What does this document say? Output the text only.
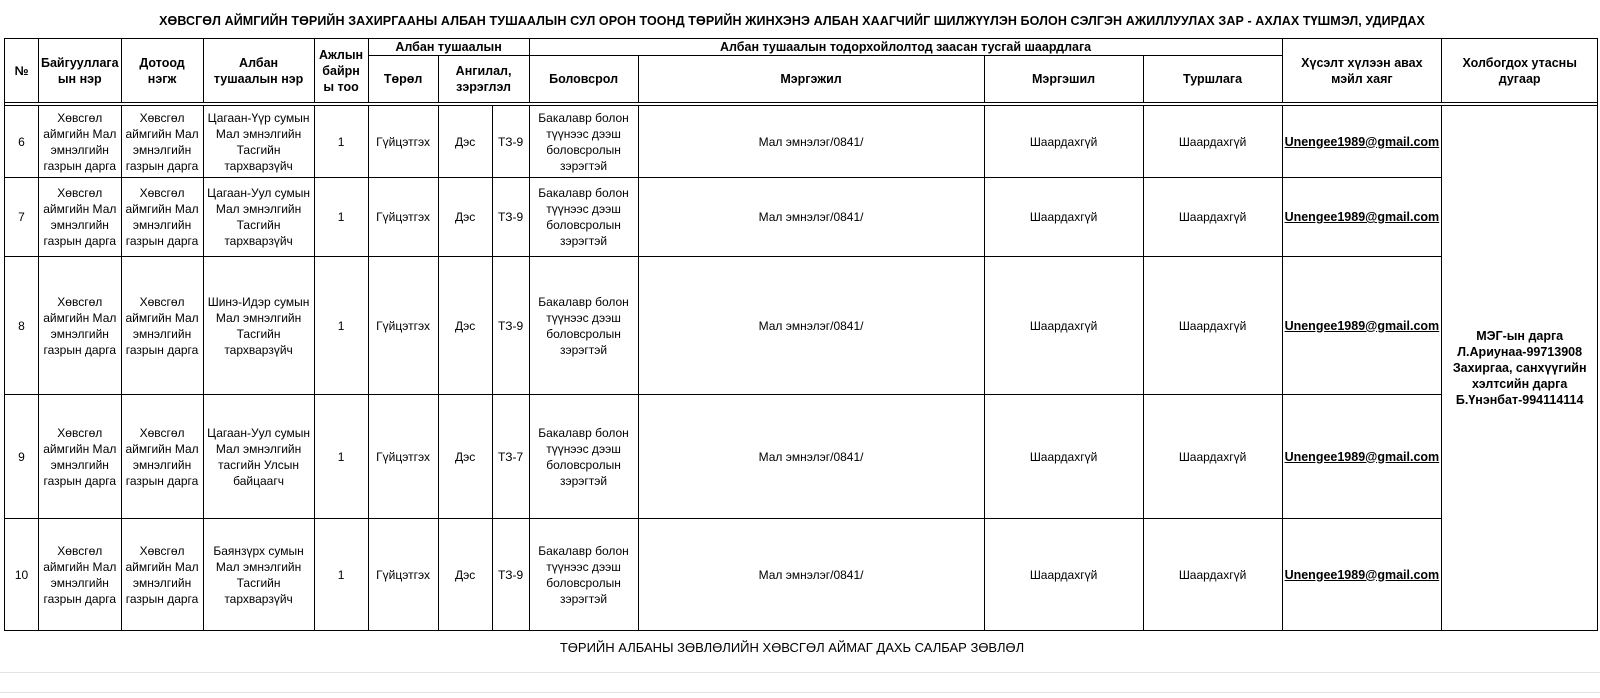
ХӨВСГӨЛ АЙМГИЙН ТӨРИЙН ЗАХИРГААНЫ АЛБАН ТУШААЛЫН СУЛ ОРОН ТООНД ТӨРИЙН ЖИНХЭНЭ АЛБАН ХААГЧИЙГ ШИЛЖҮҮЛЭН БОЛОН СЭЛГЭН АЖИЛЛУУЛАХ ЗАР - АХЛАХ ТҮШМЭЛ, УДИРДАХ
№	Байгууллага ын нэр	Дотоод нэгж	Албан тушаалын нэр	Ажлын байрн ы тоо	Албан тушаалын			Албан тушаалын тодорхойлолтод заасан тусгай шаардлага				Хүсэлт хүлээн авах мэйл хаяг	Холбогдох утасны дугаар
					Төрөл	Ангилал, зэрэглэл		Боловсрол	Мэргэжил	Мэргэшил	Туршлага		

6	Хөвсгөл аймгийн Мал эмнэлгийн газрын дарга	Хөвсгөл аймгийн Мал эмнэлгийн газрын дарга	Цагаан-Үүр сумын Мал эмнэлгийн Тасгийн тархварзүйч	1	Гүйцэтгэх	Дэс	ТЗ-9	Бакалавр болон түүнээс дээш боловсролын зэрэгтэй	Мал эмнэлэг/0841/	Шаардахгүй	Шаардахгүй	Unengee1989@gmail.com	МЭГ-ын дарга Л.Ариунаа-99713908 Захиргаа, санхүүгийн хэлтсийн дарга Б.Үнэнбат-994114114
7	Хөвсгөл аймгийн Мал эмнэлгийн газрын дарга	Хөвсгөл аймгийн Мал эмнэлгийн газрын дарга	Цагаан-Уул сумын Мал эмнэлгийн Тасгийн тархварзүйч	1	Гүйцэтгэх	Дэс	ТЗ-9	Бакалавр болон түүнээс дээш боловсролын зэрэгтэй	Мал эмнэлэг/0841/	Шаардахгүй	Шаардахгүй	Unengee1989@gmail.com	
8	Хөвсгөл аймгийн Мал эмнэлгийн газрын дарга	Хөвсгөл аймгийн Мал эмнэлгийн газрын дарга	Шинэ-Идэр сумын Мал эмнэлгийн Тасгийн тархварзүйч	1	Гүйцэтгэх	Дэс	ТЗ-9	Бакалавр болон түүнээс дээш боловсролын зэрэгтэй	Мал эмнэлэг/0841/	Шаардахгүй	Шаардахгүй	Unengee1989@gmail.com	
9	Хөвсгөл аймгийн Мал эмнэлгийн газрын дарга	Хөвсгөл аймгийн Мал эмнэлгийн газрын дарга	Цагаан-Уул сумын Мал эмнэлгийн тасгийн Улсын байцаагч	1	Гүйцэтгэх	Дэс	ТЗ-7	Бакалавр болон түүнээс дээш боловсролын зэрэгтэй	Мал эмнэлэг/0841/	Шаардахгүй	Шаардахгүй	Unengee1989@gmail.com	
10	Хөвсгөл аймгийн Мал эмнэлгийн газрын дарга	Хөвсгөл аймгийн Мал эмнэлгийн газрын дарга	Баянзүрх сумын Мал эмнэлгийн Тасгийн тархварзүйч	1	Гүйцэтгэх	Дэс	ТЗ-9	Бакалавр болон түүнээс дээш боловсролын зэрэгтэй	Мал эмнэлэг/0841/	Шаардахгүй	Шаардахгүй	Unengee1989@gmail.com	
ТӨРИЙН АЛБАНЫ ЗӨВЛӨЛИЙН ХӨВСГӨЛ АЙМАГ ДАХЬ САЛБАР ЗӨВЛӨЛ
